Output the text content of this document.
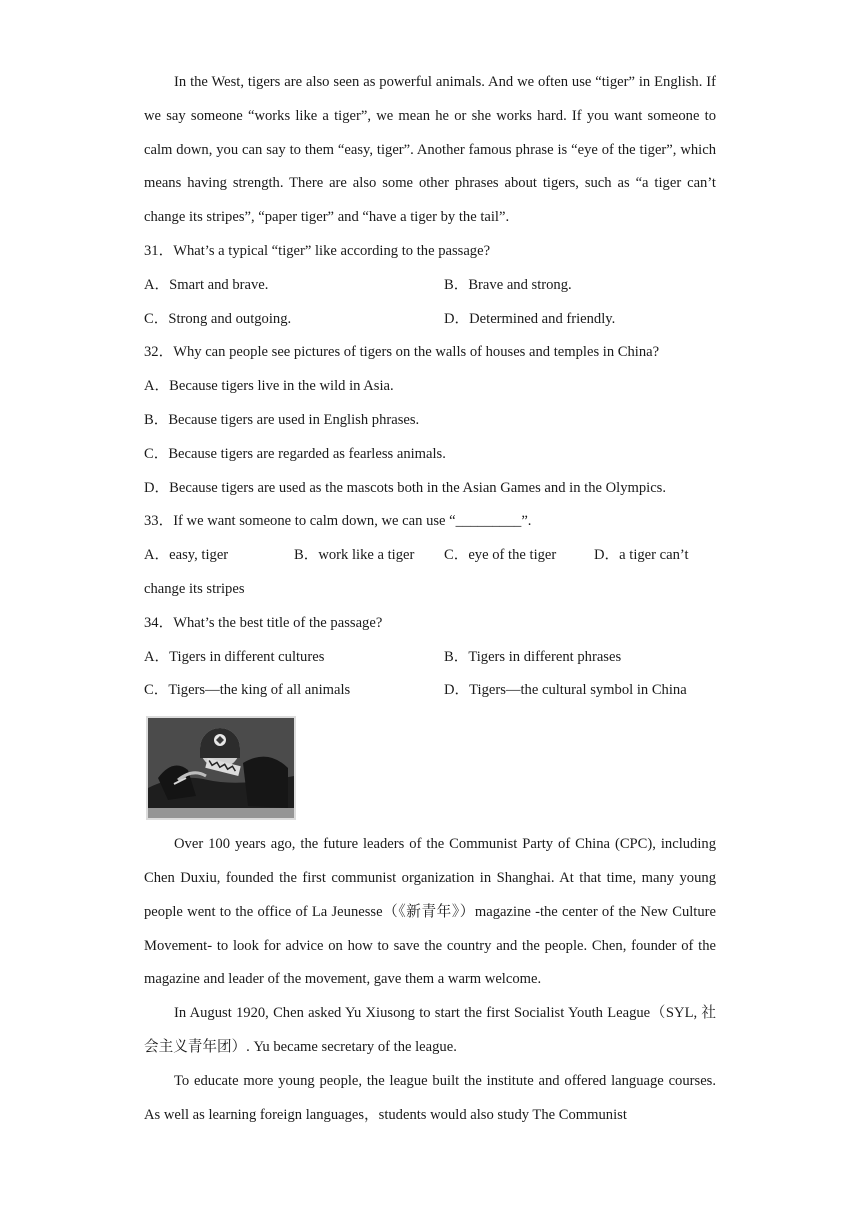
In the West, tigers are also seen as powerful animals. And we often use “tiger” in English. If we say someone “works like a tiger”, we mean he or she works hard. If you want someone to calm down, you can say to them “easy, tiger”. Another famous phrase is “eye of the tiger”, which means having strength. There are also some other phrases about tigers, such as “a tiger can’t change its stripes”, “paper tiger” and “have a tiger by the tail”.

31．What’s a typical “tiger” like according to the passage?

A．Smart and brave.	B．Brave and strong.
C．Strong and outgoing.	D．Determined and friendly.

32．Why can people see pictures of tigers on the walls of houses and temples in China?

A．Because tigers live in the wild in Asia.

B．Because tigers are used in English phrases.

C．Because tigers are regarded as fearless animals.

D．Because tigers are used as the mascots both in the Asian Games and in the Olympics.

33．If we want someone to calm down, we can use “_________”.

A．easy, tiger	B．work like a tiger	C．eye of the tiger	D．a tiger can’t
change its stripes

34．What’s the best title of the passage?

A．Tigers in different cultures	B．Tigers in different phrases
C．Tigers—the king of all animals	D．Tigers—the cultural symbol in China

Over 100 years ago, the future leaders of the Communist Party of China (CPC), including Chen Duxiu, founded the first communist organization in Shanghai. At that time, many young people went to the office of La Jeunesse（《新青年》）magazine -the center of the New Culture Movement- to look for advice on how to save the country and the people. Chen, founder of the magazine and leader of the movement, gave them a warm welcome.

In August 1920, Chen asked Yu Xiusong to start the first Socialist Youth League（SYL, 社会主义青年团）. Yu became secretary of the league.

To educate more young people, the league built the institute and offered language courses. As well as learning foreign languages，students would also study The Communist
